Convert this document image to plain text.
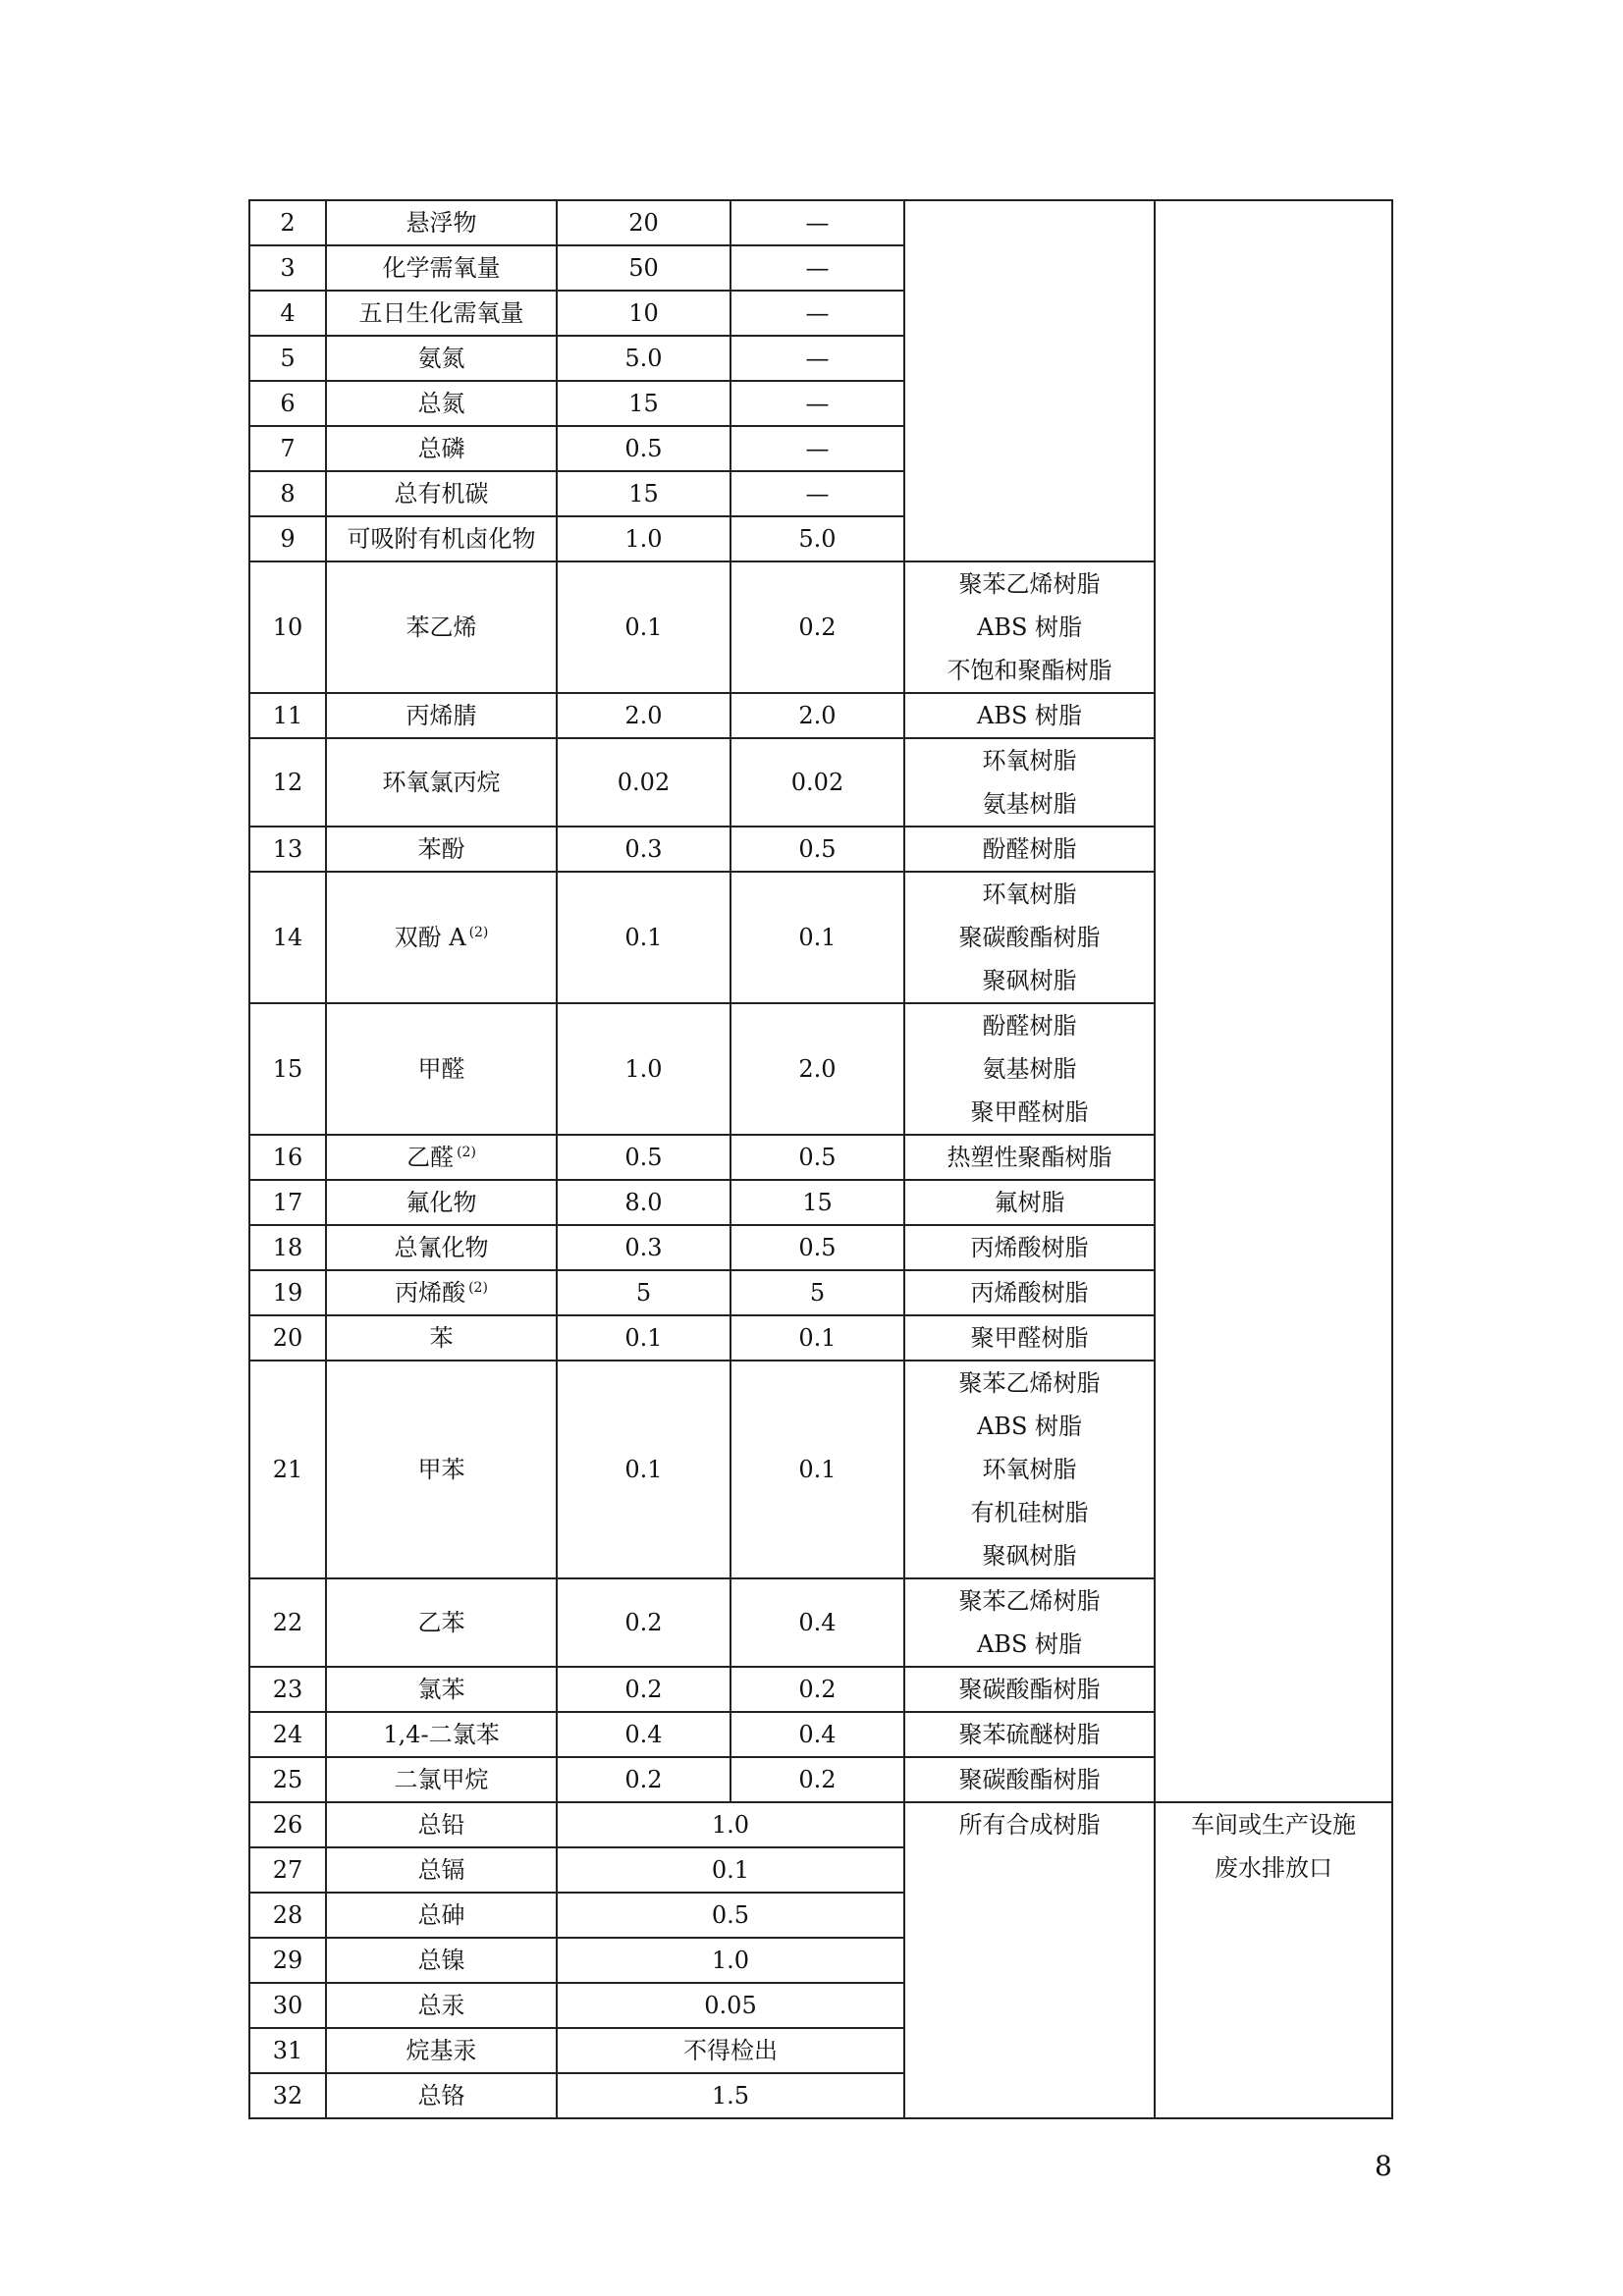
2	悬浮物	20	—		
3	化学需氧量	50	—		
4	五日生化需氧量	10	—		
5	氨氮	5.0	—		
6	总氮	15	—		
7	总磷	0.5	—		
8	总有机碳	15	—		
9	可吸附有机卤化物	1.0	5.0		
10	苯乙烯	0.1	0.2	聚苯乙烯树脂
ABS 树脂
不饱和聚酯树脂	

11	丙烯腈	2.0	2.0	ABS 树脂	

12	环氧氯丙烷	0.02	0.02	环氧树脂
氨基树脂	

13	苯酚	0.3	0.5	酚醛树脂	

14	双酚 A $^{(2)}$	0.1	0.1	环氧树脂
聚碳酸酯树脂
聚砜树脂	

15	甲醛	1.0	2.0	酚醛树脂
氨基树脂
聚甲醛树脂	

16	乙醛 $^{(2)}$	0.5	0.5	热塑性聚酯树脂	

17	氟化物	8.0	15	氟树脂	

18	总氰化物	0.3	0.5	丙烯酸树脂	

19	丙烯酸 $^{(2)}$	5	5	丙烯酸树脂	

20	苯	0.1	0.1	聚甲醛树脂	

21	甲苯	0.1	0.1	聚苯乙烯树脂
ABS 树脂
环氧树脂
有机硅树脂
聚砜树脂	

22	乙苯	0.2	0.4	聚苯乙烯树脂
ABS 树脂	

23	氯苯	0.2	0.2	聚碳酸酯树脂	

24	1,4-二氯苯	0.4	0.4	聚苯硫醚树脂	

25	二氯甲烷	0.2	0.2	聚碳酸酯树脂	

26	总铅	1.0		所有合成树脂	车间或生产设施
废水排放口

27	总镉	0.1			
28	总砷	0.5			
29	总镍	1.0			
30	总汞	0.05			
31	烷基汞	不得检出			
32	总铬	1.5			
8
